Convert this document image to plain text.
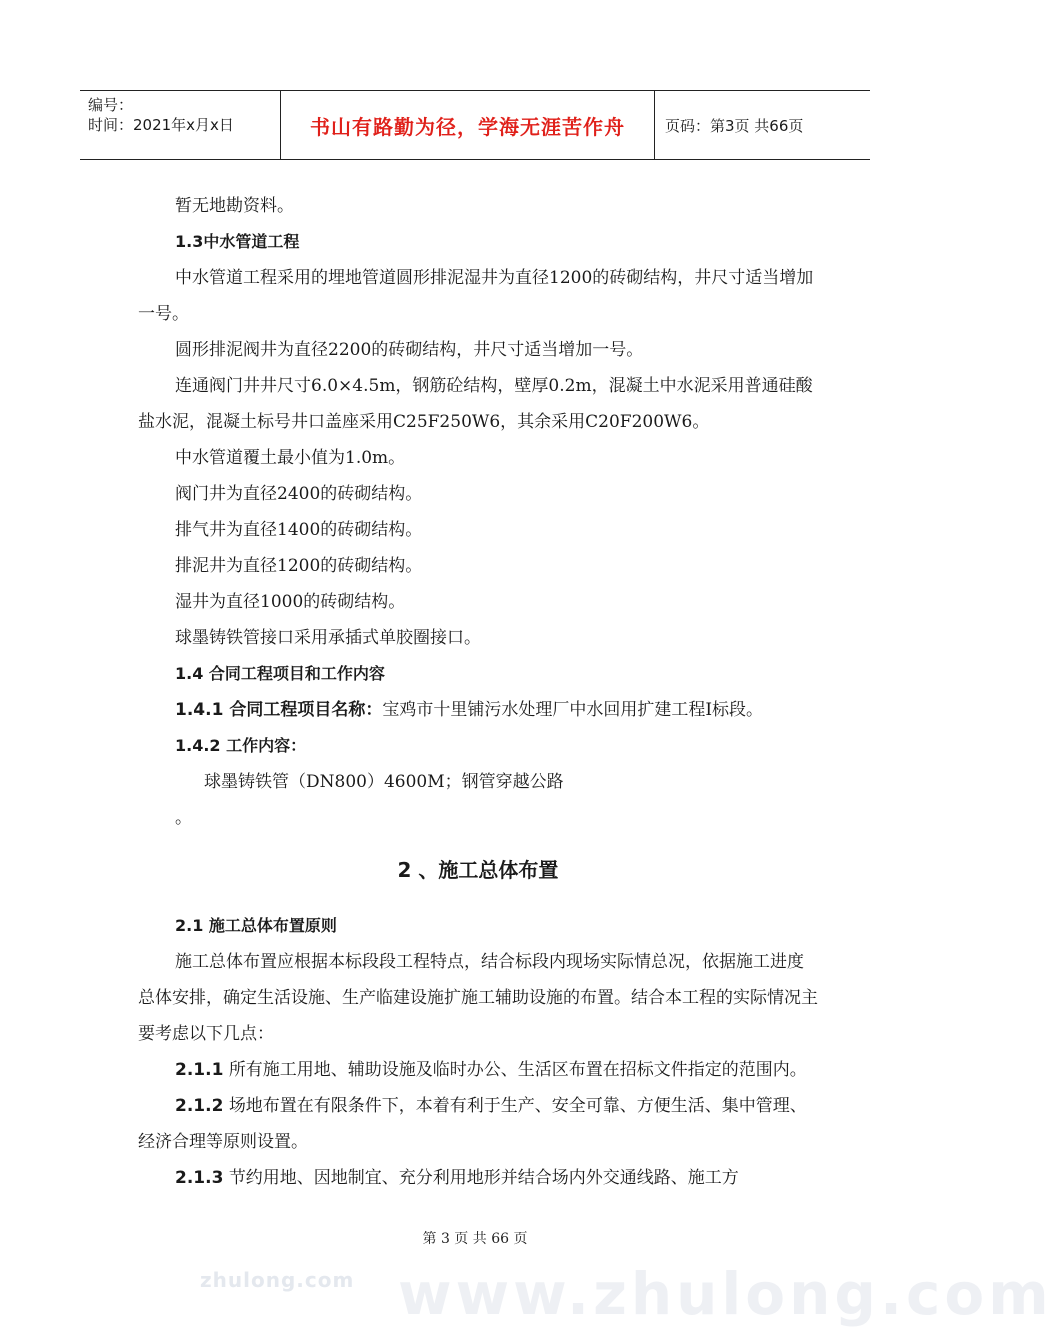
编号：
时间：2021年x月x日	书山有路勤为径，学海无涯苦作舟	页码：第3页 共66页

暂无地勘资料。

1.3中水管道工程

中水管道工程采用的埋地管道圆形排泥湿井为直径1200的砖砌结构，井尺寸适当增加一号。

圆形排泥阀井为直径2200的砖砌结构，井尺寸适当增加一号。

连通阀门井井尺寸6.0×4.5m，钢筋砼结构，壁厚0.2m，混凝土中水泥采用普通硅酸盐水泥，混凝土标号井口盖座采用C25F250W6，其余采用C20F200W6。

中水管道覆土最小值为1.0m。

阀门井为直径2400的砖砌结构。

排气井为直径1400的砖砌结构。

排泥井为直径1200的砖砌结构。

湿井为直径1000的砖砌结构。

球墨铸铁管接口采用承插式单胶圈接口。

1.4 合同工程项目和工作内容

1.4.1 合同工程项目名称：宝鸡市十里铺污水处理厂中水回用扩建工程Ⅰ标段。

1.4.2 工作内容：

球墨铸铁管（DN800）4600M；钢管穿越公路

。

2 、施工总体布置

2.1 施工总体布置原则

施工总体布置应根据本标段段工程特点，结合标段内现场实际情总况，依据施工进度总体安排，确定生活设施、生产临建设施扩施工辅助设施的布置。结合本工程的实际情况主要考虑以下几点：

2.1.1 所有施工用地、辅助设施及临时办公、生活区布置在招标文件指定的范围内。

2.1.2 场地布置在有限条件下，本着有利于生产、安全可靠、方便生活、集中管理、经济合理等原则设置。

2.1.3 节约用地、因地制宜、充分利用地形并结合场内外交通线路、施工方

第 3 页 共 66 页
zhulong.com www.zhulong.com
